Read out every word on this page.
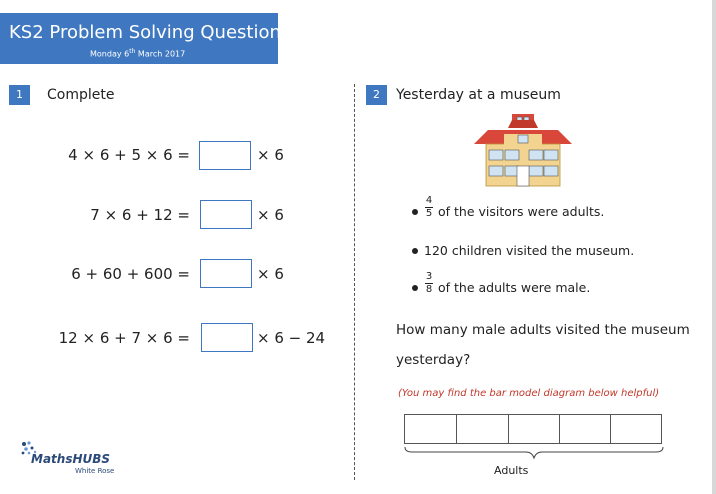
KS2 Problem Solving Questions
Monday 6th March 2017
1	Complete
4 × 6 + 5 × 6 =	× 6
7 × 6 + 12 =	× 6
6 + 60 + 600 =	× 6
12 × 6 + 7 × 6 =	× 6 − 24
MathsHUBS
White Rose
2	Yesterday at a museum
4
5 of the visitors were adults.
120 children visited the museum.
3
8 of the adults were male.
How many male adults visited the museum
yesterday?
(You may find the bar model diagram below helpful)
Adults
